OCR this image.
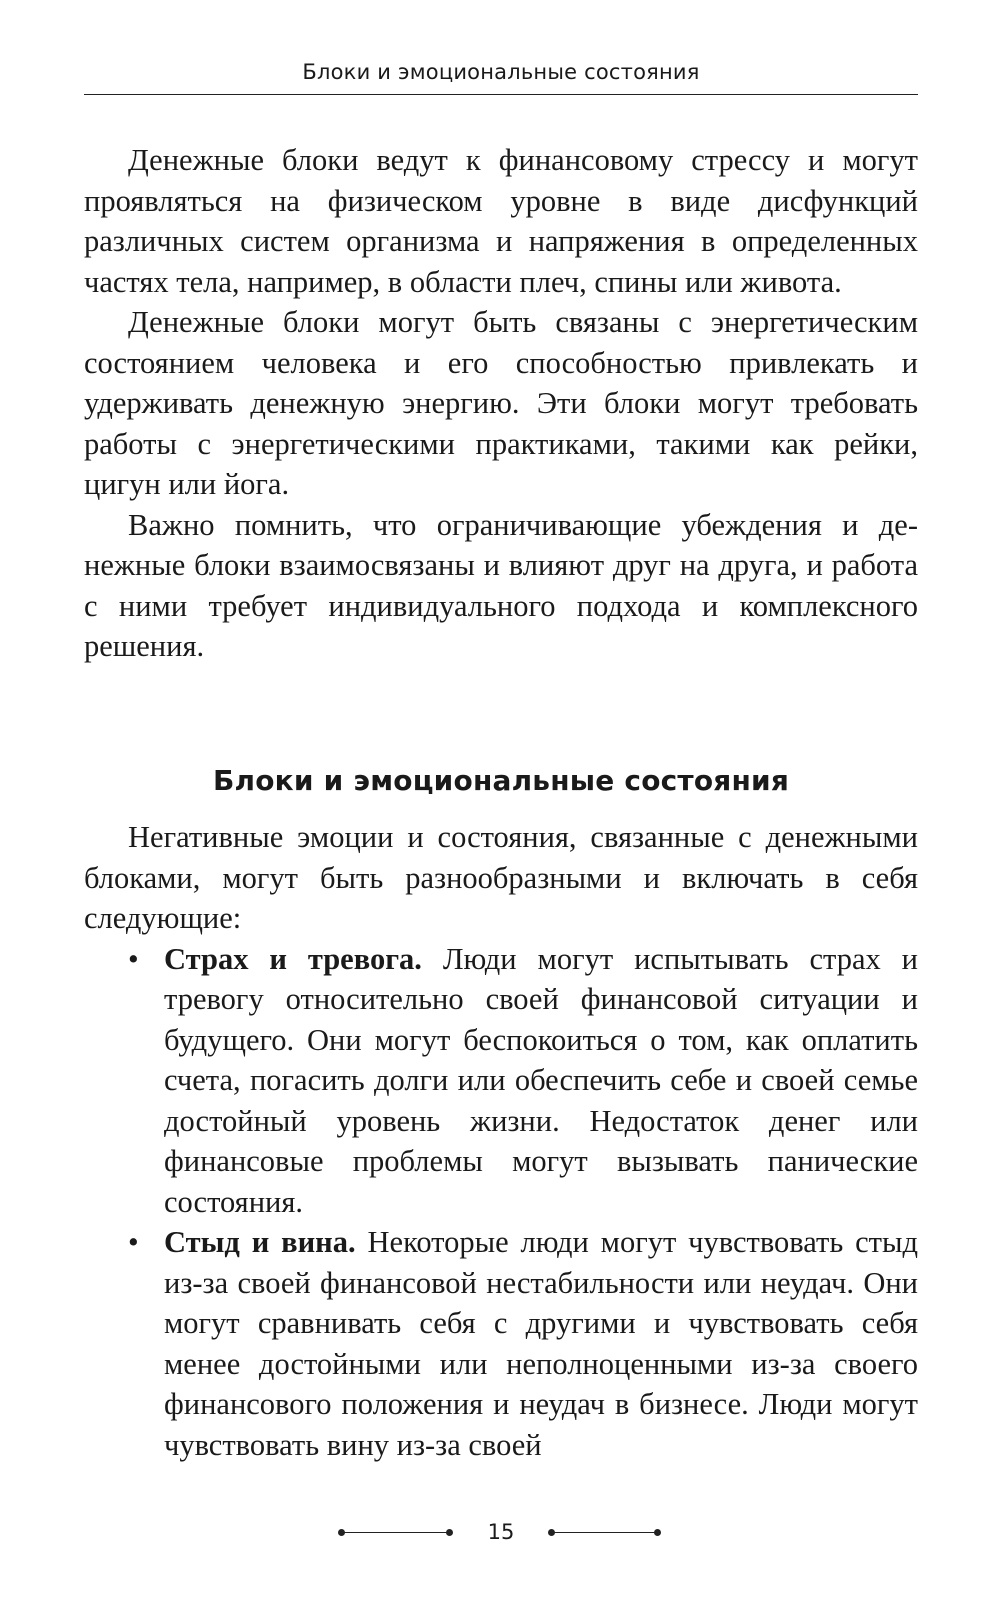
Блоки и эмоциональные состояния

Денежные блоки ведут к финансовому стрессу и могут проявляться на физическом уровне в виде дисфункций различных систем организма и напряжения в определенных частях тела, например, в области плеч, спины или живота.

Денежные блоки могут быть связаны с энергетическим состоянием человека и его способностью привлекать и удерживать денежную энергию. Эти блоки могут требовать работы с энергетическими практиками, такими как рейки, цигун или йога.

Важно помнить, что ограничивающие убеждения и денежные блоки взаимосвязаны и влияют друг на друга, и работа с ними требует индивидуального подхода и комплексного решения.

Блоки и эмоциональные состояния

Негативные эмоции и состояния, связанные с денежными блоками, могут быть разнообразными и включать в себя следующие:

• Страх и тревога. Люди могут испытывать страх и тревогу относительно своей финансовой ситуации и будущего. Они могут беспокоиться о том, как оплатить счета, погасить долги или обеспечить себе и своей семье достойный уровень жизни. Недостаток денег или финансовые проблемы могут вызывать панические состояния.
• Стыд и вина. Некоторые люди могут чувствовать стыд из-за своей финансовой нестабильности или неудач. Они могут сравнивать себя с другими и чувствовать себя менее достойными или неполноценными из-за своего финансового положения и неудач в бизнесе. Люди могут чувствовать вину из-за своей
15
